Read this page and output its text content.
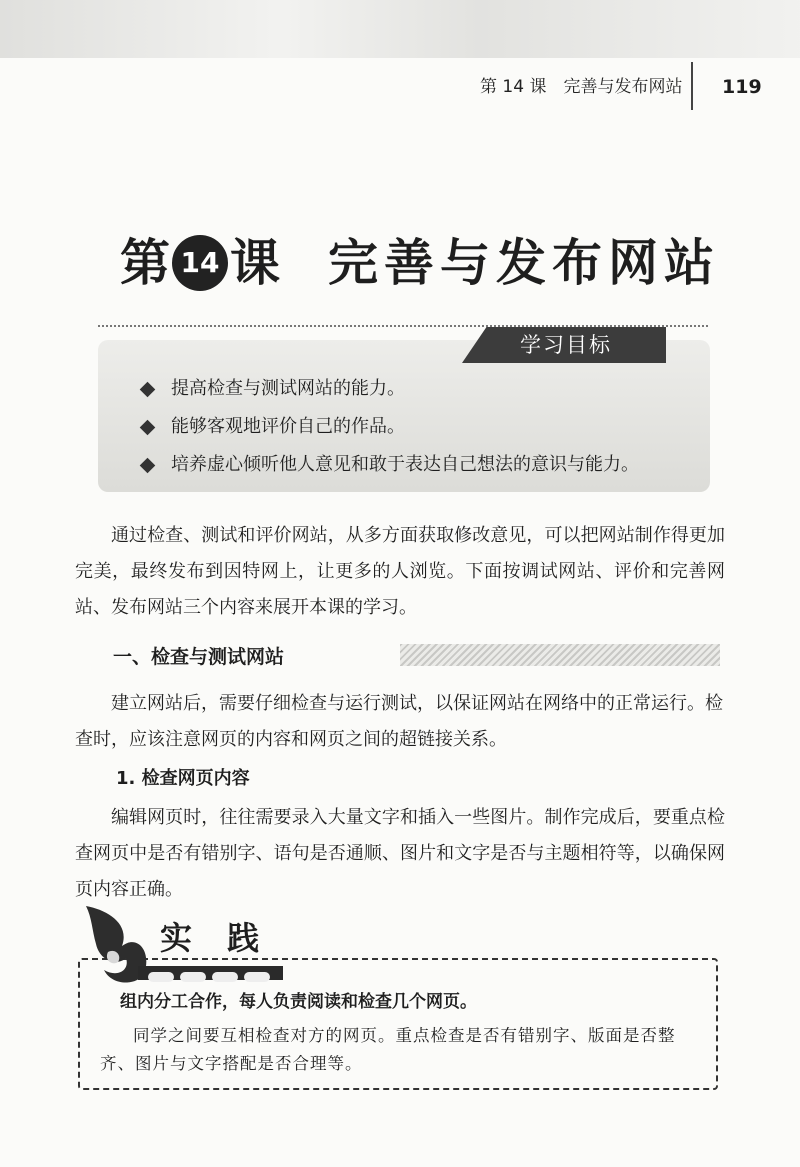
第 14 课　完善与发布网站	119
第 14 课 完善与发布网站
学习目标
提高检查与测试网站的能力。
能够客观地评价自己的作品。
培养虚心倾听他人意见和敢于表达自己想法的意识与能力。
通过检查、测试和评价网站，从多方面获取修改意见，可以把网站制作得更加完美，最终发布到因特网上，让更多的人浏览。下面按调试网站、评价和完善网站、发布网站三个内容来展开本课的学习。
一、检查与测试网站
建立网站后，需要仔细检查与运行测试，以保证网站在网络中的正常运行。检查时，应该注意网页的内容和网页之间的超链接关系。
1. 检查网页内容
编辑网页时，往往需要录入大量文字和插入一些图片。制作完成后，要重点检查网页中是否有错别字、语句是否通顺、图片和文字是否与主题相符等，以确保网页内容正确。
实 践
组内分工合作，每人负责阅读和检查几个网页。
同学之间要互相检查对方的网页。重点检查是否有错别字、版面是否整齐、图片与文字搭配是否合理等。
